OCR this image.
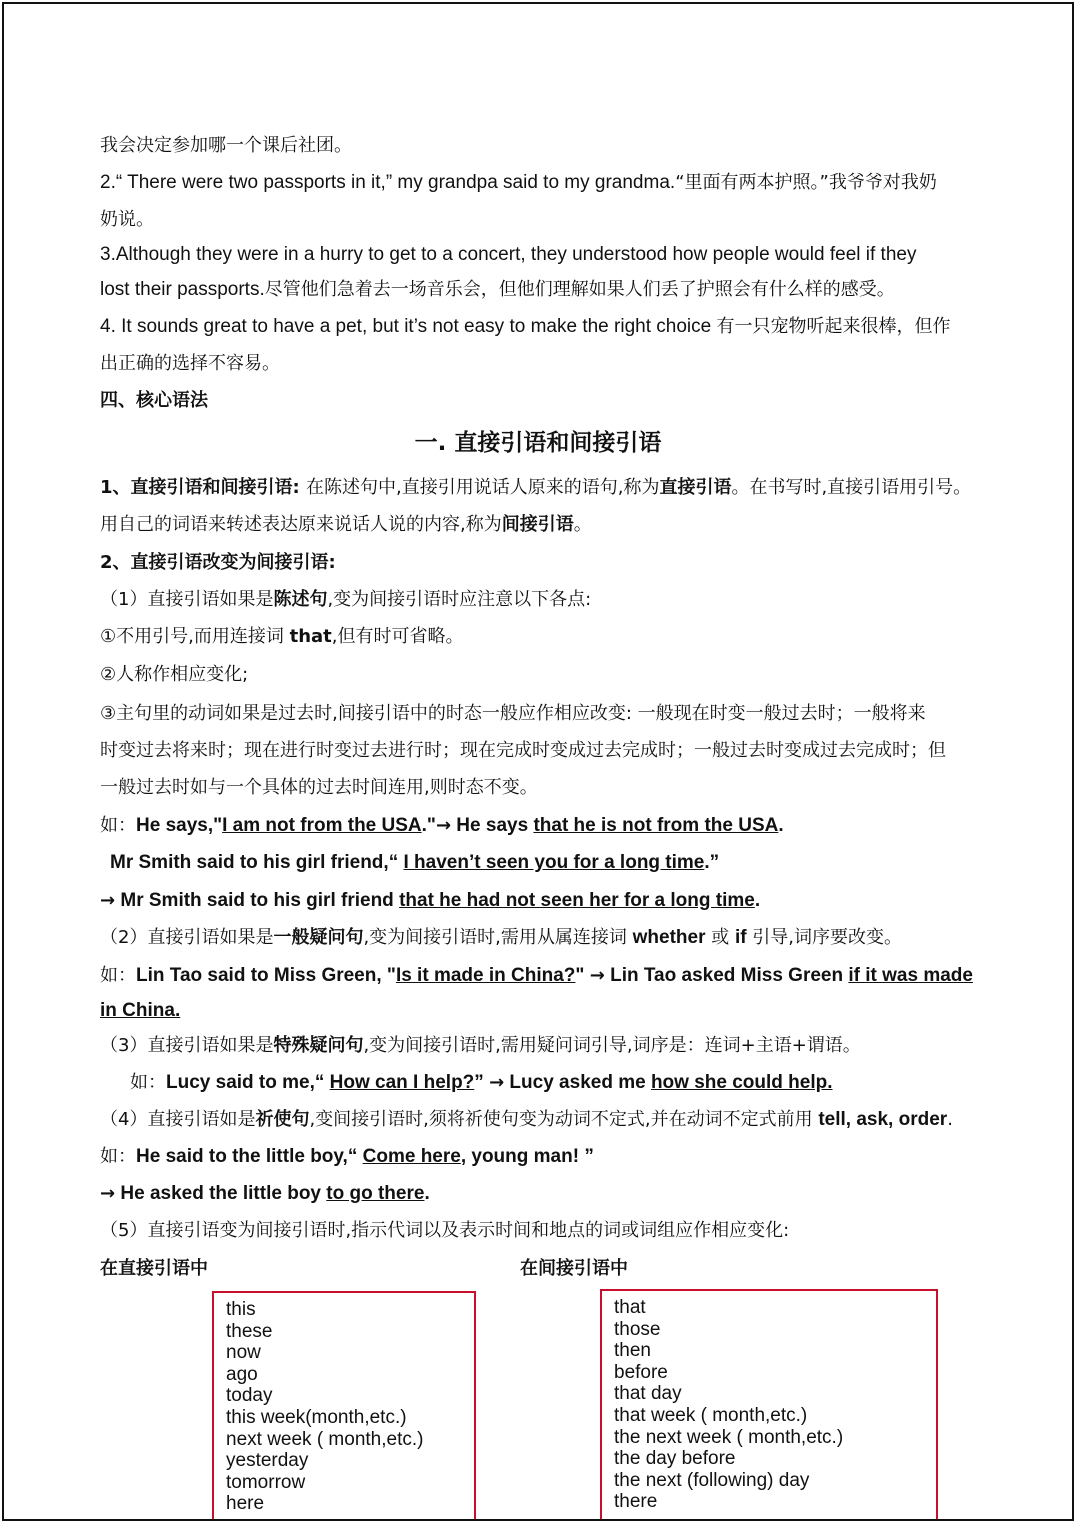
我会决定参加哪一个课后社团。
2.“ There were two passports in it,” my grandpa said to my grandma.“里面有两本护照。”我爷爷对我奶
奶说。
3.Although they were in a hurry to get to a concert, they understood how people would feel if they
lost their passports.尽管他们急着去一场音乐会，但他们理解如果人们丢了护照会有什么样的感受。
4. It sounds great to have a pet, but it’s not easy to make the right choice 有一只宠物听起来很棒，但作
出正确的选择不容易。
四、核心语法
一. 直接引语和间接引语
1、直接引语和间接引语: 在陈述句中,直接引用说话人原来的语句,称为直接引语。在书写时,直接引语用引号。
用自己的词语来转述表达原来说话人说的内容,称为间接引语。
2、直接引语改变为间接引语:
（1）直接引语如果是陈述句,变为间接引语时应注意以下各点:
①不用引号,而用连接词 that,但有时可省略。
②人称作相应变化;
③主句里的动词如果是过去时,间接引语中的时态一般应作相应改变: 一般现在时变一般过去时；一般将来
时变过去将来时；现在进行时变过去进行时；现在完成时变成过去完成时；一般过去时变成过去完成时；但
一般过去时如与一个具体的过去时间连用,则时态不变。
如：He says,"I am not from the USA."→ He says that he is not from the USA.
Mr Smith said to his girl friend,“ I haven’t seen you for a long time.”
→ Mr Smith said to his girl friend that he had not seen her for a long time.
（2）直接引语如果是一般疑问句,变为间接引语时,需用从属连接词 whether 或 if 引导,词序要改变。
如：Lin Tao said to Miss Green, "Is it made in China?" → Lin Tao asked Miss Green if it was made
in China.
（3）直接引语如果是特殊疑问句,变为间接引语时,需用疑问词引导,词序是：连词+主语+谓语。
如：Lucy said to me,“ How can I help?” → Lucy asked me how she could help.
（4）直接引语如是祈使句,变间接引语时,须将祈使句变为动词不定式,并在动词不定式前用 tell, ask, order.
如：He said to the little boy,“ Come here, young man! ”
→ He asked the little boy to go there.
（5）直接引语变为间接引语时,指示代词以及表示时间和地点的词或词组应作相应变化:
在直接引语中	在间接引语中
this
these
now
ago
today
this week(month,etc.)
next week ( month,etc.)
yesterday
tomorrow
here
that
those
then
before
that day
that week ( month,etc.)
the next week ( month,etc.)
the day before
the next (following) day
there
